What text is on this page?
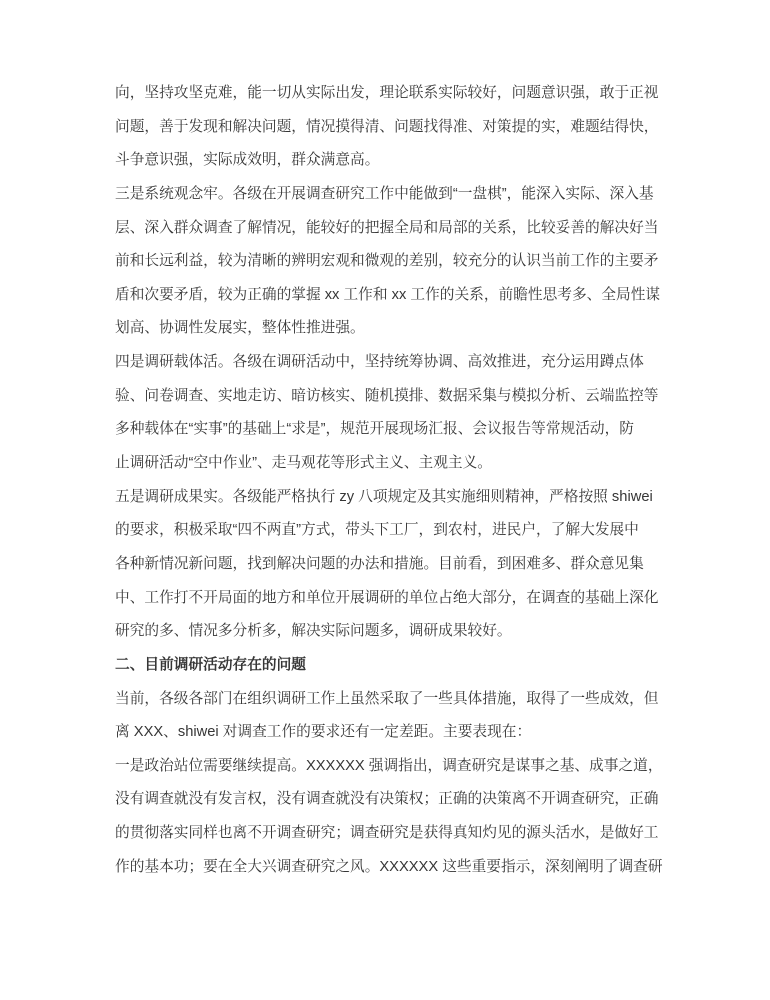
向，坚持攻坚克难，能一切从实际出发，理论联系实际较好，问题意识强，敢于正视
问题，善于发现和解决问题，情况摸得清、问题找得准、对策提的实，难题结得快，
斗争意识强，实际成效明，群众满意高。
三是系统观念牢。各级在开展调查研究工作中能做到“一盘棋”，能深入实际、深入基
层、深入群众调查了解情况，能较好的把握全局和局部的关系，比较妥善的解决好当
前和长远利益，较为清晰的辨明宏观和微观的差别，较充分的认识当前工作的主要矛
盾和次要矛盾，较为正确的掌握 xx 工作和 xx 工作的关系，前瞻性思考多、全局性谋
划高、协调性发展实，整体性推进强。
四是调研载体活。各级在调研活动中，坚持统筹协调、高效推进，充分运用蹲点体
验、问卷调查、实地走访、暗访核实、随机摸排、数据采集与模拟分析、云端监控等
多种载体在“实事”的基础上“求是”，规范开展现场汇报、会议报告等常规活动，防
止调研活动“空中作业”、走马观花等形式主义、主观主义。
五是调研成果实。各级能严格执行 zy 八项规定及其实施细则精神，严格按照 shiwei
的要求，积极采取“四不两直”方式，带头下工厂，到农村，进民户，了解大发展中
各种新情况新问题，找到解决问题的办法和措施。目前看，到困难多、群众意见集
中、工作打不开局面的地方和单位开展调研的单位占绝大部分，在调查的基础上深化
研究的多、情况多分析多，解决实际问题多，调研成果较好。
二、目前调研活动存在的问题
当前，各级各部门在组织调研工作上虽然采取了一些具体措施，取得了一些成效，但
离 XXX、shiwei 对调查工作的要求还有一定差距。主要表现在：
一是政治站位需要继续提高。XXXXXX 强调指出，调查研究是谋事之基、成事之道，
没有调查就没有发言权，没有调查就没有决策权；正确的决策离不开调查研究，正确
的贯彻落实同样也离不开调查研究；调查研究是获得真知灼见的源头活水，是做好工
作的基本功；要在全大兴调查研究之风。XXXXXX 这些重要指示，深刻阐明了调查研
